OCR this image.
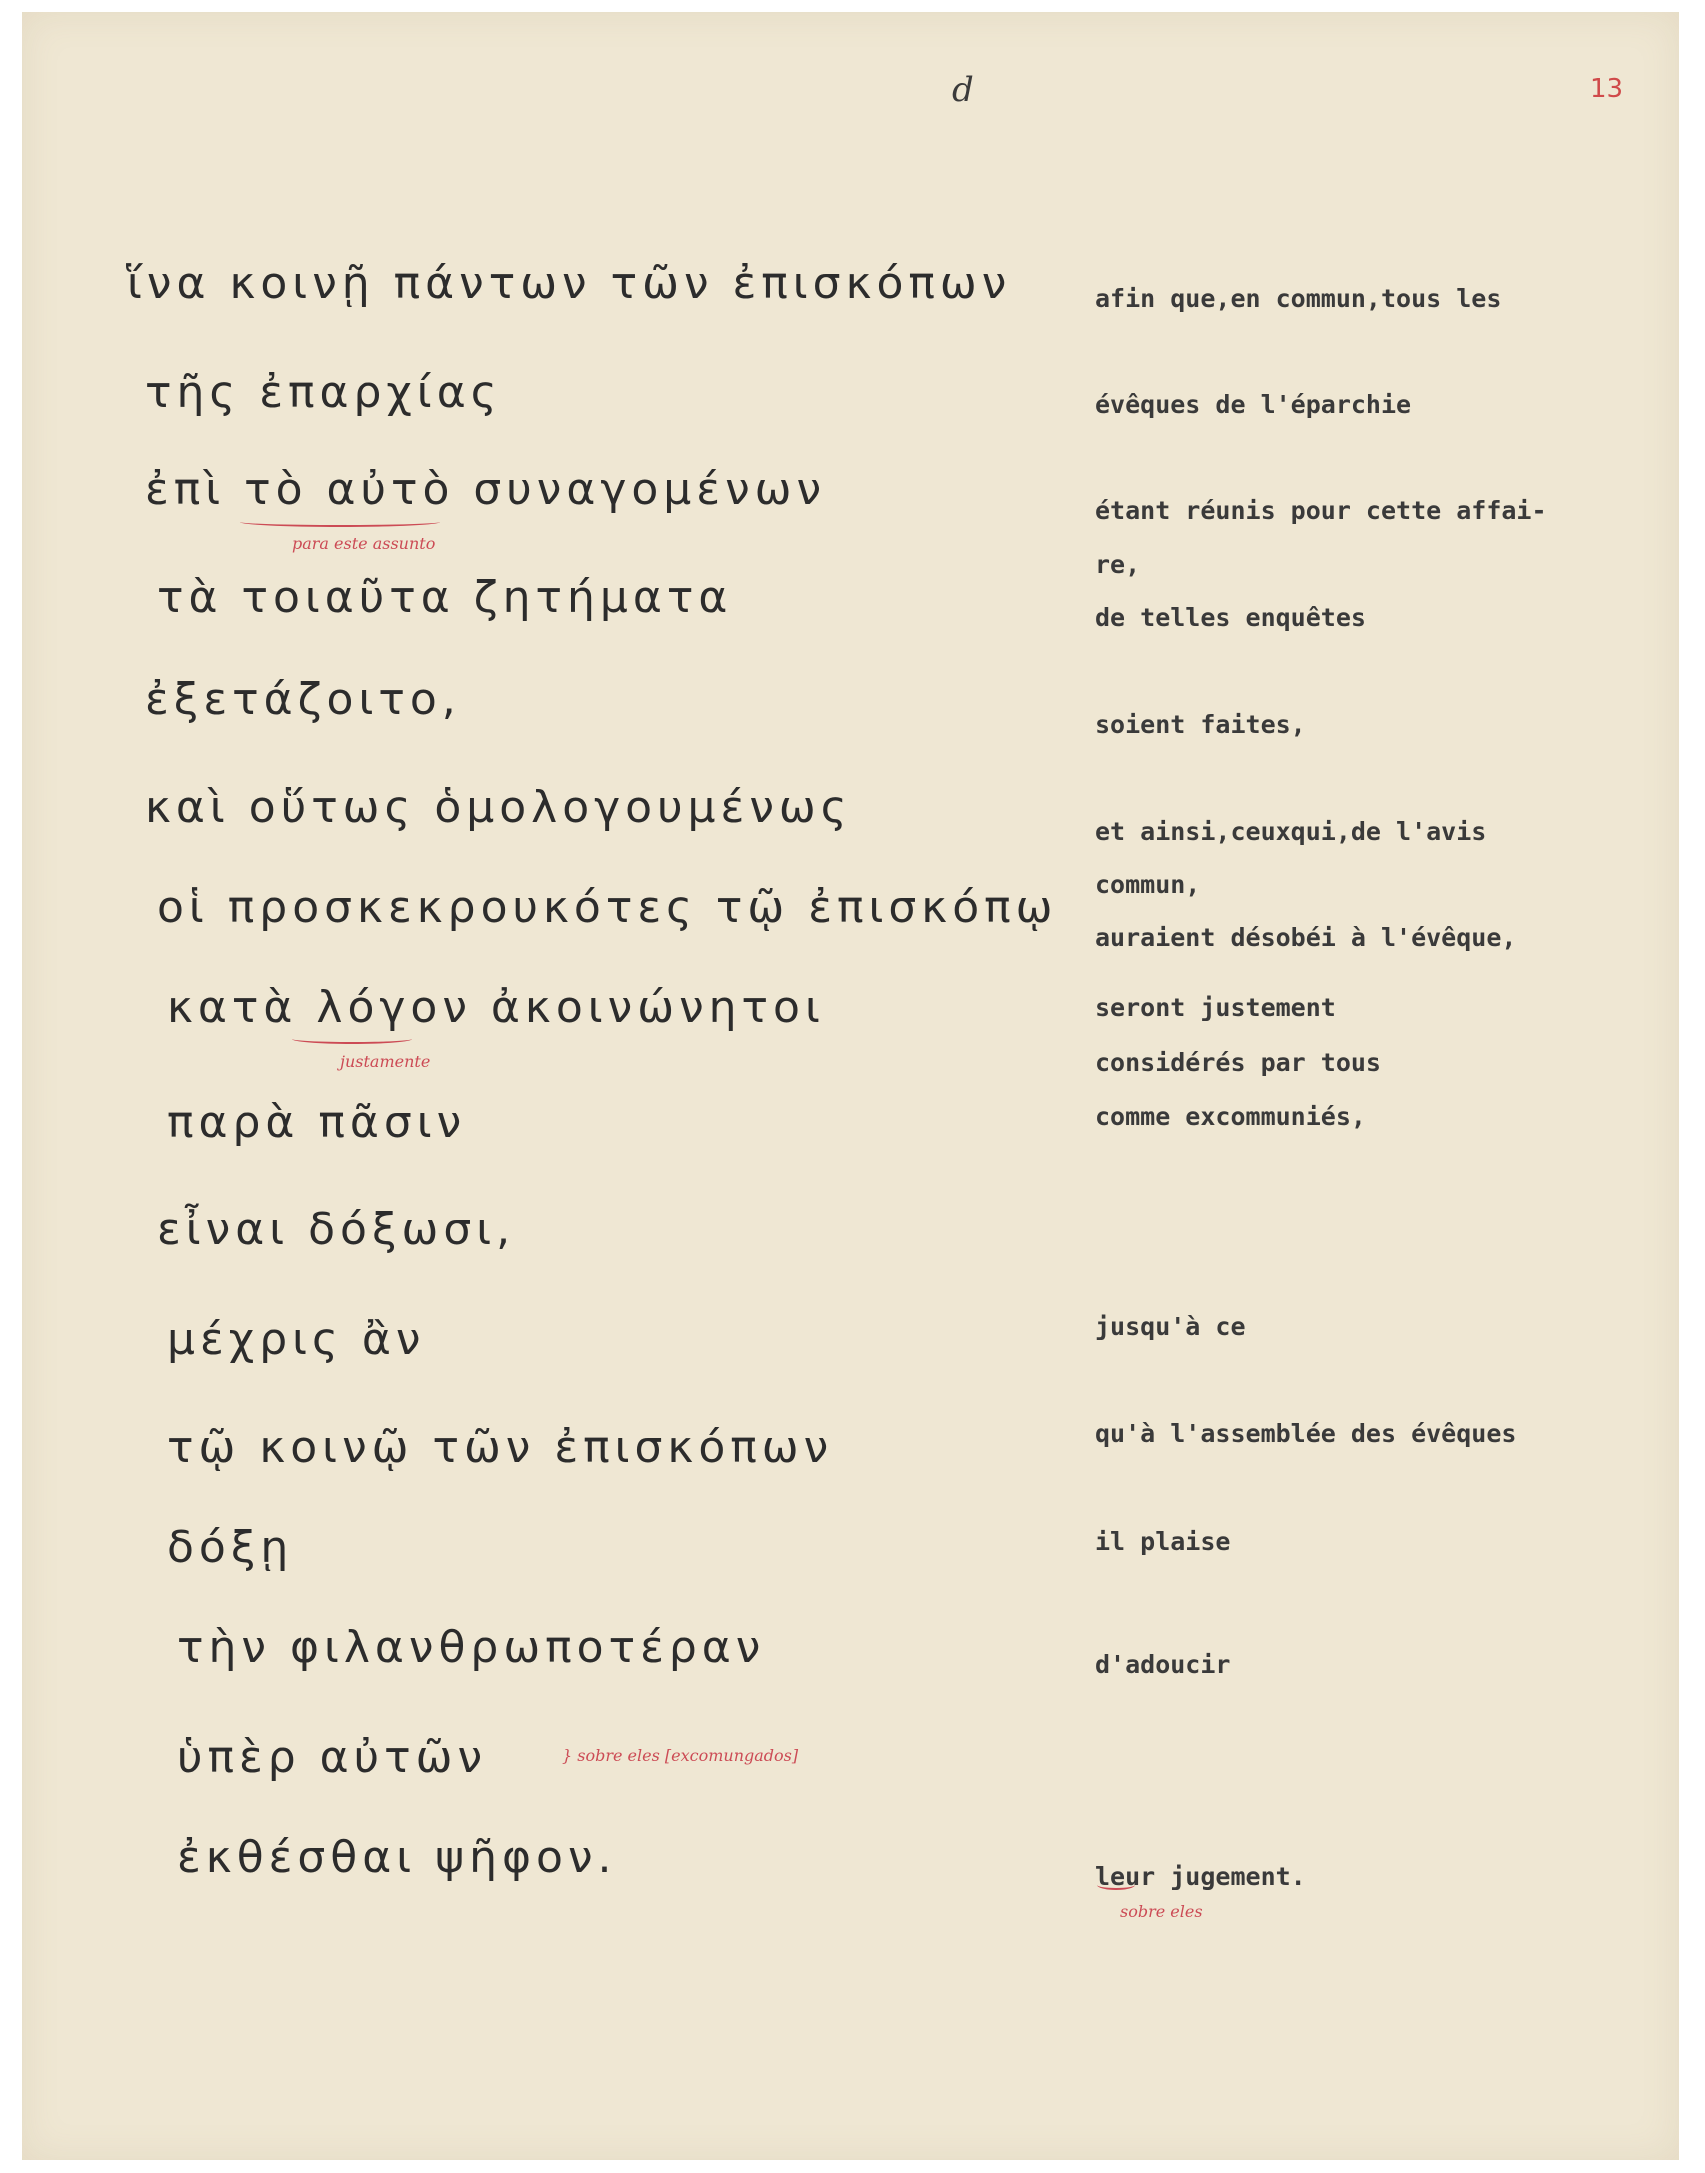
d	13

ἵνα κοινῇ πάντων τῶν ἐπισκόπων

τῆς ἐπαρχίας

ἐπὶ τὸ αὐτὸ συναγομένων

τὰ τοιαῦτα ζητήματα

ἐξετάζοιτο,

καὶ οὕτως ὁμολογουμένως

οἱ προσκεκρουκότες τῷ ἐπισκόπῳ

κατὰ λόγον ἀκοινώνητοι

παρὰ πᾶσιν

εἶναι δόξωσι,

μέχρις ἂν

τῷ κοινῷ τῶν ἐπισκόπων

δόξῃ

τὴν φιλανθρωποτέραν

ὑπὲρ αὐτῶν

ἐκθέσθαι ψῆφον.

para este assunto

justamente

} sobre eles [excomungados]

sobre eles

afin que,en commun,tous les

évêques de l'éparchie

étant réunis pour cette affai-

re,

de telles enquêtes

soient faites,

et ainsi,ceuxqui,de l'avis

commun,

auraient désobéi à l'évêque,

seront justement

considérés par tous

comme excommuniés,

jusqu'à ce

qu'à l'assemblée des évêques

il plaise

d'adoucir

leur jugement.
